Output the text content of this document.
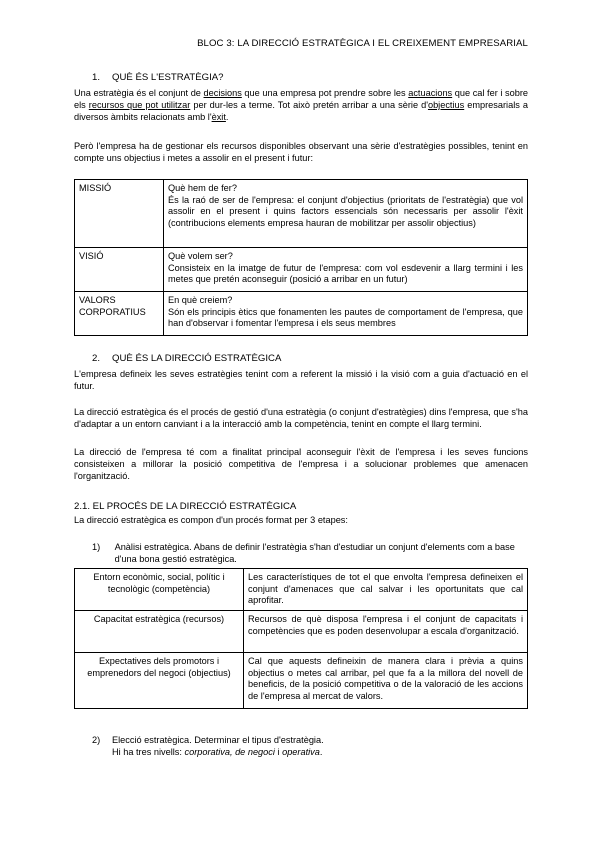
BLOC 3: LA DIRECCIÓ ESTRATÈGICA I EL CREIXEMENT EMPRESARIAL
1. QUÈ ÉS L'ESTRATÈGIA?
Una estratègia és el conjunt de decisions que una empresa pot prendre sobre les actuacions que cal fer i sobre els recursos que pot utilitzar per dur-les a terme. Tot això pretén arribar a una sèrie d'objectius empresarials a diversos àmbits relacionats amb l'èxit.
Però l'empresa ha de gestionar els recursos disponibles observant una sèrie d'estratègies possibles, tenint en compte uns objectius i metes a assolir en el present i futur:
MISSIÓ	Què hem de fer?
És la raó de ser de l'empresa: el conjunt d'objectius (prioritats de l'estratègia) que vol assolir en el present i quins factors essencials són necessaris per assolir l'èxit (contribucions elements empresa hauran de mobilitzar per assolir objectius)

VISIÓ	Què volem ser?
Consisteix en la imatge de futur de l'empresa: com vol esdevenir a llarg termini i les metes que pretén aconseguir (posició a arribar en un futur)

VALORS CORPORATIUS	En què creiem?
Són els principis ètics que fonamenten les pautes de comportament de l'empresa, que han d'observar i fomentar l'empresa i els seus membres
2. QUÈ ÉS LA DIRECCIÓ ESTRATÈGICA
L'empresa defineix les seves estratègies tenint com a referent la missió i la visió com a guia d'actuació en el futur.
La direcció estratègica és el procés de gestió d'una estratègia (o conjunt d'estratègies) dins l'empresa, que s'ha d'adaptar a un entorn canviant i a la interacció amb la competència, tenint en compte el llarg termini.
La direcció de l'empresa té com a finalitat principal aconseguir l'èxit de l'empresa i les seves funcions consisteixen a millorar la posició competitiva de l'empresa i a solucionar problemes que amenacen l'organització.
2.1. EL PROCÉS DE LA DIRECCIÓ ESTRATÈGICA
La direcció estratègica es compon d'un procés format per 3 etapes:
1) Anàlisi estratègica. Abans de definir l'estratègia s'han d'estudiar un conjunt d'elements com a base d'una bona gestió estratègica.
Entorn econòmic, social, polític i tecnològic (competència)	Les característiques de tot el que envolta l'empresa defineixen el conjunt d'amenaces que cal salvar i les oportunitats que cal aprofitar.
Capacitat estratègica (recursos)	Recursos de què disposa l'empresa i el conjunt de capacitats i competències que es poden desenvolupar a escala d'organització.
Expectatives dels promotors i emprenedors del negoci (objectius)	Cal que aquests defineixin de manera clara i prèvia a quins objectius o metes cal arribar, pel que fa a la millora del novell de beneficis, de la posició competitiva o de la valoració de les accions de l'empresa al mercat de valors.
2) Elecció estratègica. Determinar el tipus d'estratègia.
Hi ha tres nivells: corporativa, de negoci i operativa.
